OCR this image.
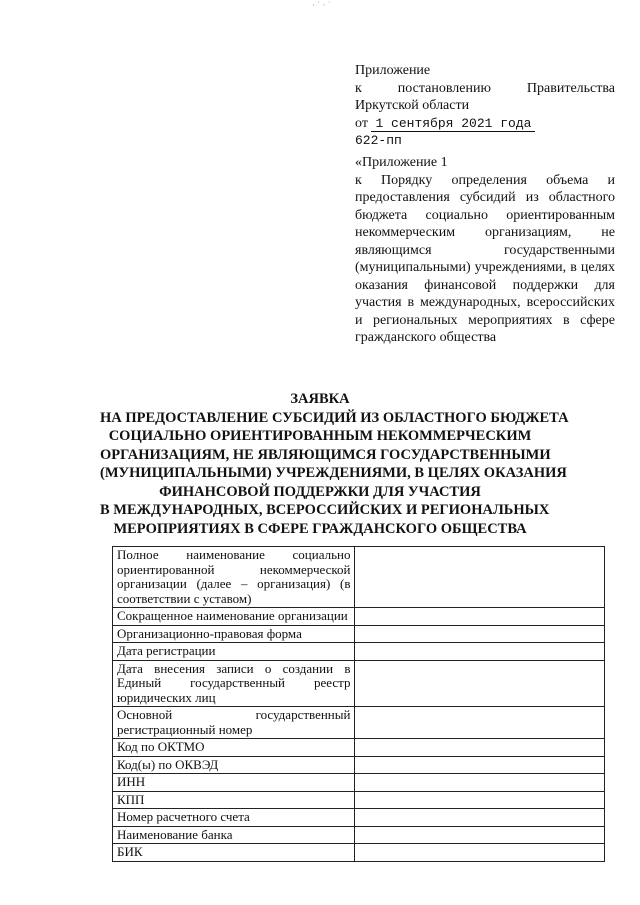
· ˙ · ˙

Приложение

к	постановлению	Правительства

Иркутской области

от 1 сентября 2021 года

622-пп

«Приложение 1

к Порядку определения объема и предоставления субсидий из областного бюджета социально ориентированным некоммерческим организациям, не являющимся государственными (муниципальными) учреждениями, в целях оказания финансовой поддержки для участия в международных, всероссийских и региональных мероприятиях в сфере гражданского общества

ЗАЯВКА
НА ПРЕДОСТАВЛЕНИЕ СУБСИДИЙ ИЗ ОБЛАСТНОГО БЮДЖЕТА
СОЦИАЛЬНО ОРИЕНТИРОВАННЫМ НЕКОММЕРЧЕСКИМ
ОРГАНИЗАЦИЯМ, НЕ ЯВЛЯЮЩИМСЯ ГОСУДАРСТВЕННЫМИ
(МУНИЦИПАЛЬНЫМИ) УЧРЕЖДЕНИЯМИ, В ЦЕЛЯХ ОКАЗАНИЯ
ФИНАНСОВОЙ ПОДДЕРЖКИ ДЛЯ УЧАСТИЯ
В МЕЖДУНАРОДНЫХ, ВСЕРОССИЙСКИХ И РЕГИОНАЛЬНЫХ
МЕРОПРИЯТИЯХ В СФЕРЕ ГРАЖДАНСКОГО ОБЩЕСТВА
Полное наименование социально ориентированной некоммерческой организации (далее – организация) (в соответствии с уставом)	
Сокращенное наименование организации	
Организационно-правовая форма	
Дата регистрации	
Дата внесения записи о создании в Единый государственный реестр юридических лиц	
Основной государственный регистрационный номер	
Код по ОКТМО	
Код(ы) по ОКВЭД	
ИНН	
КПП	
Номер расчетного счета	
Наименование банка	
БИК	
